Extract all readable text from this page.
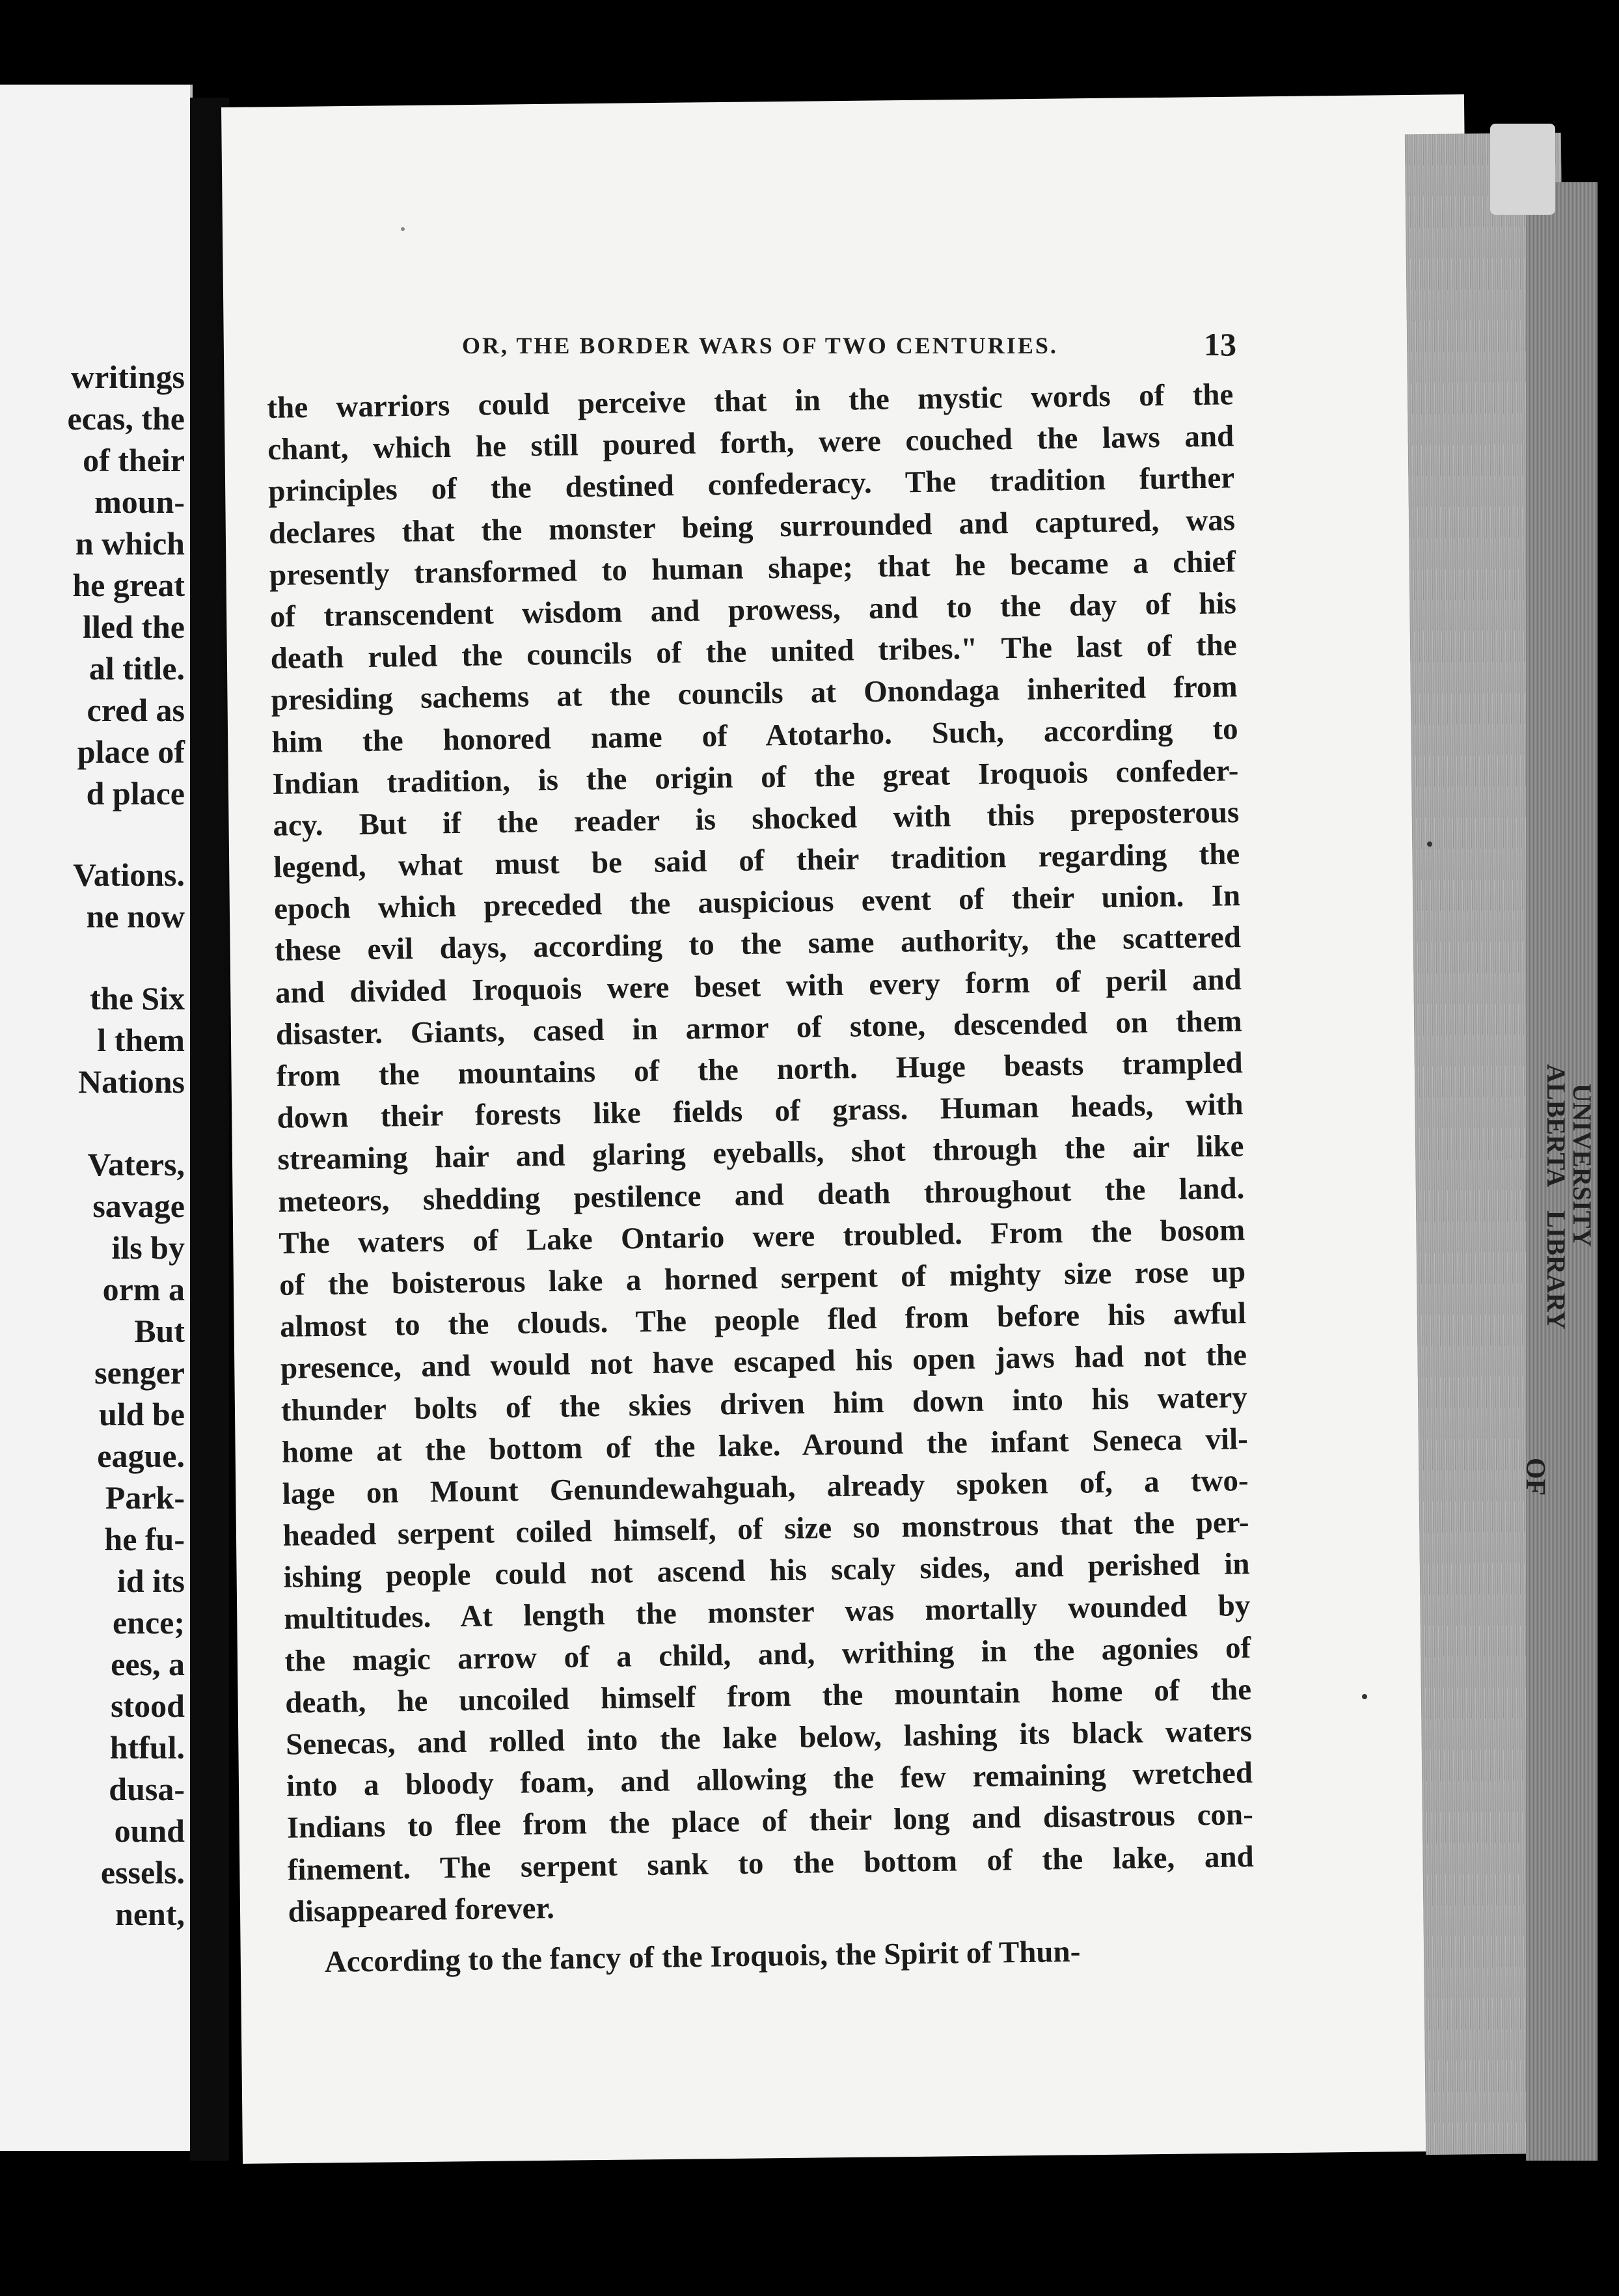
writings
ecas, the
of their
moun-
n which
he great
lled the
al title.
cred as
place of
d place
Vations.
ne now
the Six
l them
Nations
Vaters,
savage
ils by
orm a
But
senger
uld be
eague.
Park-
he fu-
id its
ence;
ees, a
stood
htful.
dusa-
ound
essels.
nent,
OR, THE BORDER WARS OF TWO CENTURIES.	13
the warriors could perceive that in the mystic words of the
chant, which he still poured forth, were couched the laws and
principles of the destined confederacy. The tradition further
declares that the monster being surrounded and captured, was
presently transformed to human shape; that he became a chief
of transcendent wisdom and prowess, and to the day of his
death ruled the councils of the united tribes." The last of the
presiding sachems at the councils at Onondaga inherited from
him the honored name of Atotarho. Such, according to
Indian tradition, is the origin of the great Iroquois confeder-
acy. But if the reader is shocked with this preposterous
legend, what must be said of their tradition regarding the
epoch which preceded the auspicious event of their union. In
these evil days, according to the same authority, the scattered
and divided Iroquois were beset with every form of peril and
disaster. Giants, cased in armor of stone, descended on them
from the mountains of the north. Huge beasts trampled
down their forests like fields of grass. Human heads, with
streaming hair and glaring eyeballs, shot through the air like
meteors, shedding pestilence and death throughout the land.
The waters of Lake Ontario were troubled. From the bosom
of the boisterous lake a horned serpent of mighty size rose up
almost to the clouds. The people fled from before his awful
presence, and would not have escaped his open jaws had not the
thunder bolts of the skies driven him down into his watery
home at the bottom of the lake. Around the infant Seneca vil-
lage on Mount Genundewahguah, already spoken of, a two-
headed serpent coiled himself, of size so monstrous that the per-
ishing people could not ascend his scaly sides, and perished in
multitudes. At length the monster was mortally wounded by
the magic arrow of a child, and, writhing in the agonies of
death, he uncoiled himself from the mountain home of the
Senecas, and rolled into the lake below, lashing its black waters
into a bloody foam, and allowing the few remaining wretched
Indians to flee from the place of their long and disastrous con-
finement. The serpent sank to the bottom of the lake, and
disappeared forever.
According to the fancy of the Iroquois, the Spirit of Thun-
UNIVERSITY
OF
ALBERTA
LIBRARY
